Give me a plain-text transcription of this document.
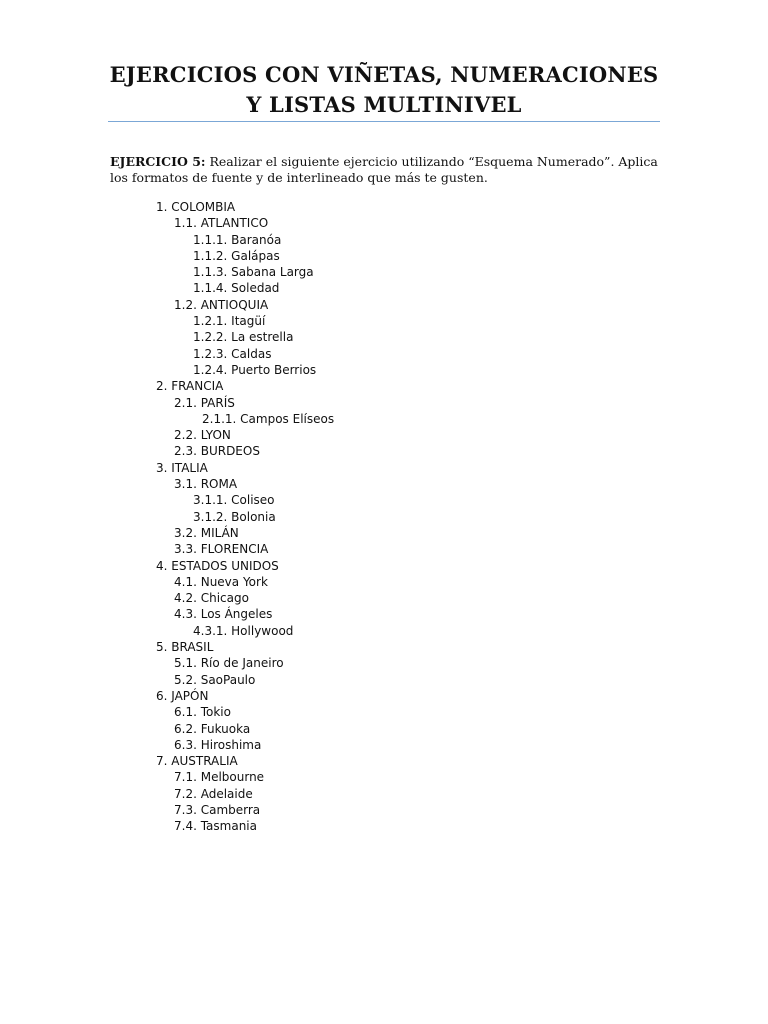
EJERCICIOS CON VIÑETAS, NUMERACIONES Y LISTAS MULTINIVEL
EJERCICIO 5: Realizar el siguiente ejercicio utilizando “Esquema Numerado”. Aplica los formatos de fuente y de interlineado que más te gusten.
1. COLOMBIA
1.1. ATLANTICO
1.1.1. Baranóa
1.1.2. Galápas
1.1.3. Sabana Larga
1.1.4. Soledad
1.2. ANTIOQUIA
1.2.1. Itagüí
1.2.2. La estrella
1.2.3. Caldas
1.2.4. Puerto Berrios
2. FRANCIA
2.1. PARÍS
2.1.1. Campos Elíseos
2.2. LYON
2.3. BURDEOS
3. ITALIA
3.1. ROMA
3.1.1. Coliseo
3.1.2. Bolonia
3.2. MILÁN
3.3. FLORENCIA
4. ESTADOS UNIDOS
4.1. Nueva York
4.2. Chicago
4.3. Los Ángeles
4.3.1. Hollywood
5. BRASIL
5.1. Río de Janeiro
5.2. SaoPaulo
6. JAPÓN
6.1. Tokio
6.2. Fukuoka
6.3. Hiroshima
7. AUSTRALIA
7.1. Melbourne
7.2. Adelaide
7.3. Camberra
7.4. Tasmania
